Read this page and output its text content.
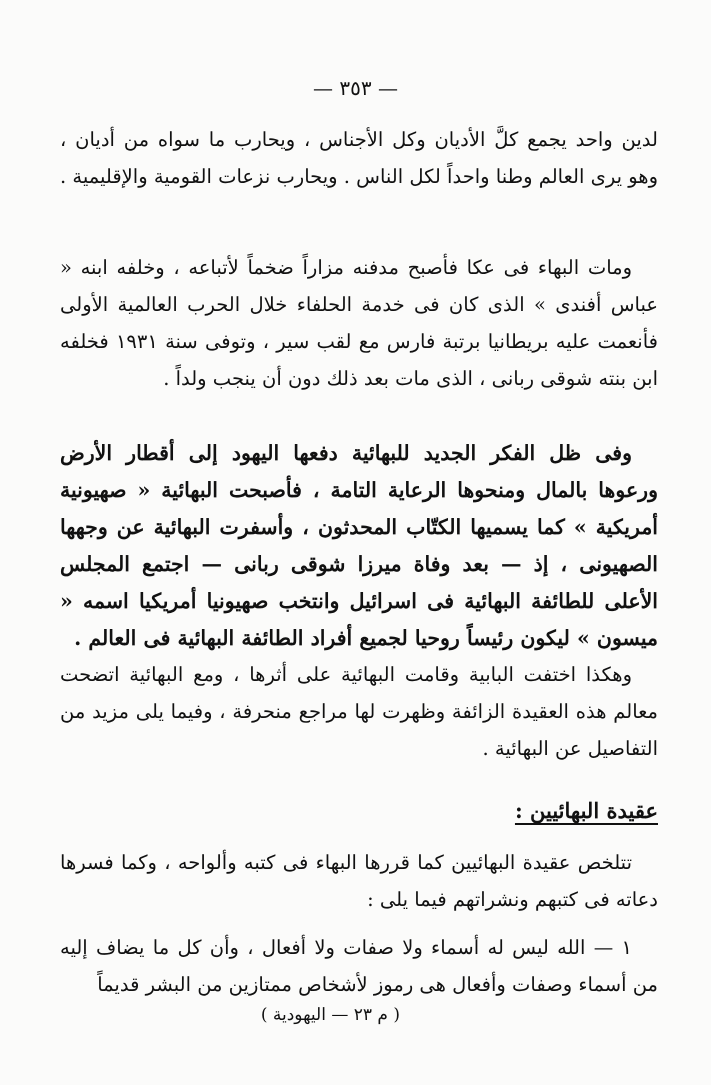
— ٣٥٣ —

لدين واحد يجمع كلَّ الأديان وكل الأجناس ، ويحارب ما سواه من أديان ، وهو يرى العالم وطنا واحداً لكل الناس . ويحارب نزعات القومية والإقليمية .

ومات البهاء فى عكا فأصبح مدفنه مزاراً ضخماً لأتباعه ، وخلفه ابنه « عباس أفندى » الذى كان فى خدمة الحلفاء خلال الحرب العالمية الأولى فأنعمت عليه بريطانيا برتبة فارس مع لقب سير ، وتوفى سنة ١٩٣١ فخلفه ابن بنته شوقى ربانى ، الذى مات بعد ذلك دون أن ينجب ولداً .

وفى ظل الفكر الجديد للبهائية دفعها اليهود إلى أقطار الأرض ورعوها بالمال ومنحوها الرعاية التامة ، فأصبحت البهائية « صهيونية أمريكية » كما يسميها الكتّاب المحدثون ، وأسفرت البهائية عن وجهها الصهيونى ، إذ — بعد وفاة ميرزا شوقى ربانى — اجتمع المجلس الأعلى للطائفة البهائية فى اسرائيل وانتخب صهيونيا أمريكيا اسمه « ميسون » ليكون رئيساً روحيا لجميع أفراد الطائفة البهائية فى العالم .

وهكذا اختفت البابية وقامت البهائية على أثرها ، ومع البهائية اتضحت معالم هذه العقيدة الزائفة وظهرت لها مراجع منحرفة ، وفيما يلى مزيد من التفاصيل عن البهائية .

عقيدة البهائيين :

تتلخص عقيدة البهائيين كما قررها البهاء فى كتبه وألواحه ، وكما فسرها دعاته فى كتبهم ونشراتهم فيما يلى :

١ — الله ليس له أسماء ولا صفات ولا أفعال ، وأن كل ما يضاف إليه من أسماء وصفات وأفعال هى رموز لأشخاص ممتازين من البشر قديماً

( م ٢٣ — اليهودية )
